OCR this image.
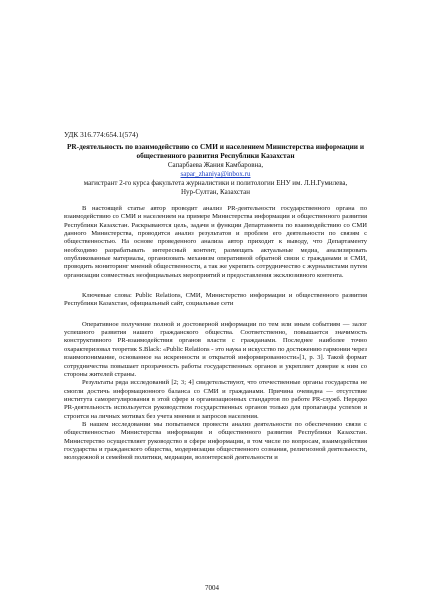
УДК 316.774:654.1(574)
PR-деятельность по взаимодействию со СМИ и населением Министерства информации и общественного развития Республики Казахстан
Сапарбаева Жания Камбаровна,
sapar_zhaniya@inbox.ru
магистрант 2-го курса факультета журналистики и политологии ЕНУ им. Л.Н.Гумилева,
Нур-Султан, Казахстан

В настоящей статье автор проводит анализ PR-деятельности государственного органа по взаимодействию со СМИ и населением на примере Министерства информации и общественного развития Республики Казахстан. Раскрываются цель, задачи и функции Департамента по взаимодействию со СМИ данного Министерства, проводится анализ результатов и проблем его деятельности по связям с общественностью. На основе проведенного анализа автор приходит к выводу, что Департаменту необходимо разрабатывать интересный контент, размещать актуальные медиа, анализировать опубликованные материалы, организовать механизм оперативной обратной связи с гражданами и СМИ, проводить мониторинг мнений общественности, а так же укрепить сотрудничество с журналистами путем организации совместных неофициальных мероприятий и предоставления эксклюзивного контента.

Ключевые слова: Public Relations, СМИ, Министерство информации и общественного развития Республики Казахстан, официальный сайт, социальные сети

Оперативное получение полной и достоверной информации по тем или иным событиям — залог успешного развития нашего гражданского общества. Соответственно, повышается значимость конструктивного PR-взаимодействия органов власти с гражданами. Последнее наиболее точно охарактеризовал теоретик S.Black: «Public Relations - это наука и искусство по достижению гармонии через взаимопонимание, основанное на искренности и открытой информированности»[1, р. 3]. Такой формат сотрудничества повышает прозрачность работы государственных органов и укрепляет доверие к ним со стороны жителей страны.

Результаты ряда исследований [2; 3; 4] свидетельствуют, что отечественные органы государства не смогли достичь информационного баланса со СМИ и гражданами. Причина очевидна — отсутствие института саморегулирования в этой сфере и организационных стандартов по работе PR-служб. Нередко PR-деятельность используется руководством государственных органов только для пропаганды успехов и строится на личных мотивах без учета мнения и запросов населения.

В нашем исследовании мы попытаемся провести анализ деятельности по обеспечению связи с общественностью Министерства информации и общественного развития Республики Казахстан. Министерство осуществляет руководство в сфере информации, в том числе по вопросам, взаимодействия государства и гражданского общества, модернизации общественного сознания, религиозной деятельности, молодежной и семейной политики, медиации, волонтерской деятельности и

7004
